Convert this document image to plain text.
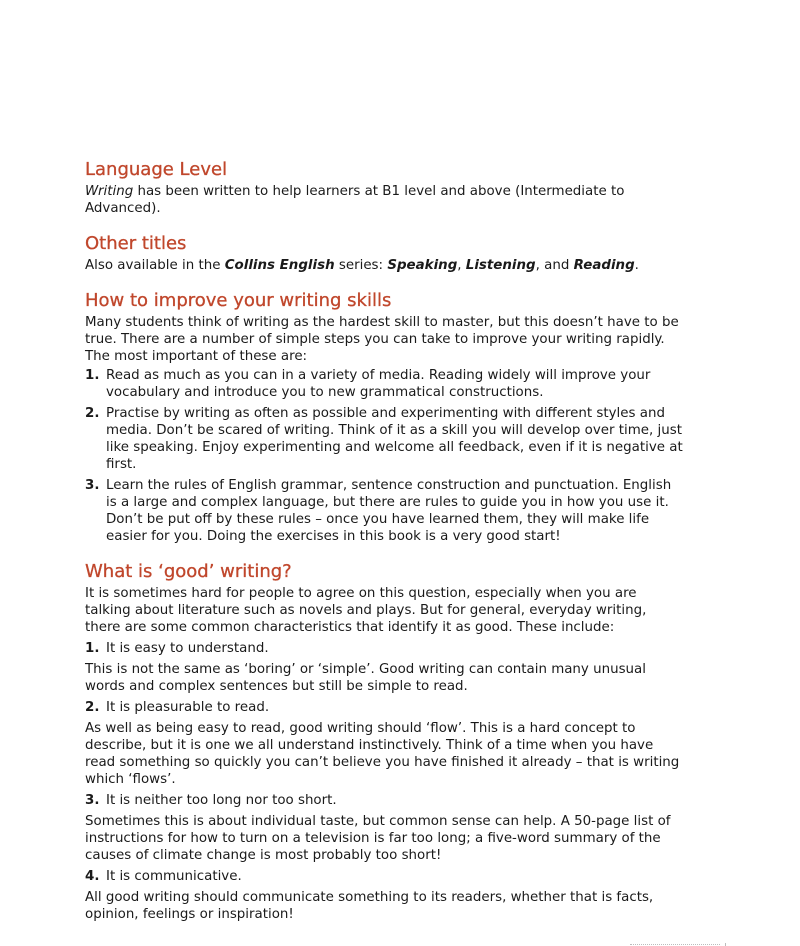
Language Level

Writing has been written to help learners at B1 level and above (Intermediate to Advanced).

Other titles

Also available in the Collins English series: Speaking, Listening, and Reading.

How to improve your writing skills

Many students think of writing as the hardest skill to master, but this doesn’t have to be true. There are a number of simple steps you can take to improve your writing rapidly. The most important of these are:

1. Read as much as you can in a variety of media. Reading widely will improve your vocabulary and introduce you to new grammatical constructions.
2. Practise by writing as often as possible and experimenting with different styles and media. Don’t be scared of writing. Think of it as a skill you will develop over time, just like speaking. Enjoy experimenting and welcome all feedback, even if it is negative at first.
3. Learn the rules of English grammar, sentence construction and punctuation. English is a large and complex language, but there are rules to guide you in how you use it. Don’t be put off by these rules – once you have learned them, they will make life easier for you. Doing the exercises in this book is a very good start!
What is ‘good’ writing?

It is sometimes hard for people to agree on this question, especially when you are talking about literature such as novels and plays. But for general, everyday writing, there are some common characteristics that identify it as good. These include:

1. It is easy to understand.

This is not the same as ‘boring’ or ‘simple’. Good writing can contain many unusual words and complex sentences but still be simple to read.

2. It is pleasurable to read.

As well as being easy to read, good writing should ‘flow’. This is a hard concept to describe, but it is one we all understand instinctively. Think of a time when you have read something so quickly you can’t believe you have finished it already – that is writing which ‘flows’.

3. It is neither too long nor too short.

Sometimes this is about individual taste, but common sense can help. A 50-page list of instructions for how to turn on a television is far too long; a five-word summary of the causes of climate change is most probably too short!

4. It is communicative.

All good writing should communicate something to its readers, whether that is facts, opinion, feelings or inspiration!
